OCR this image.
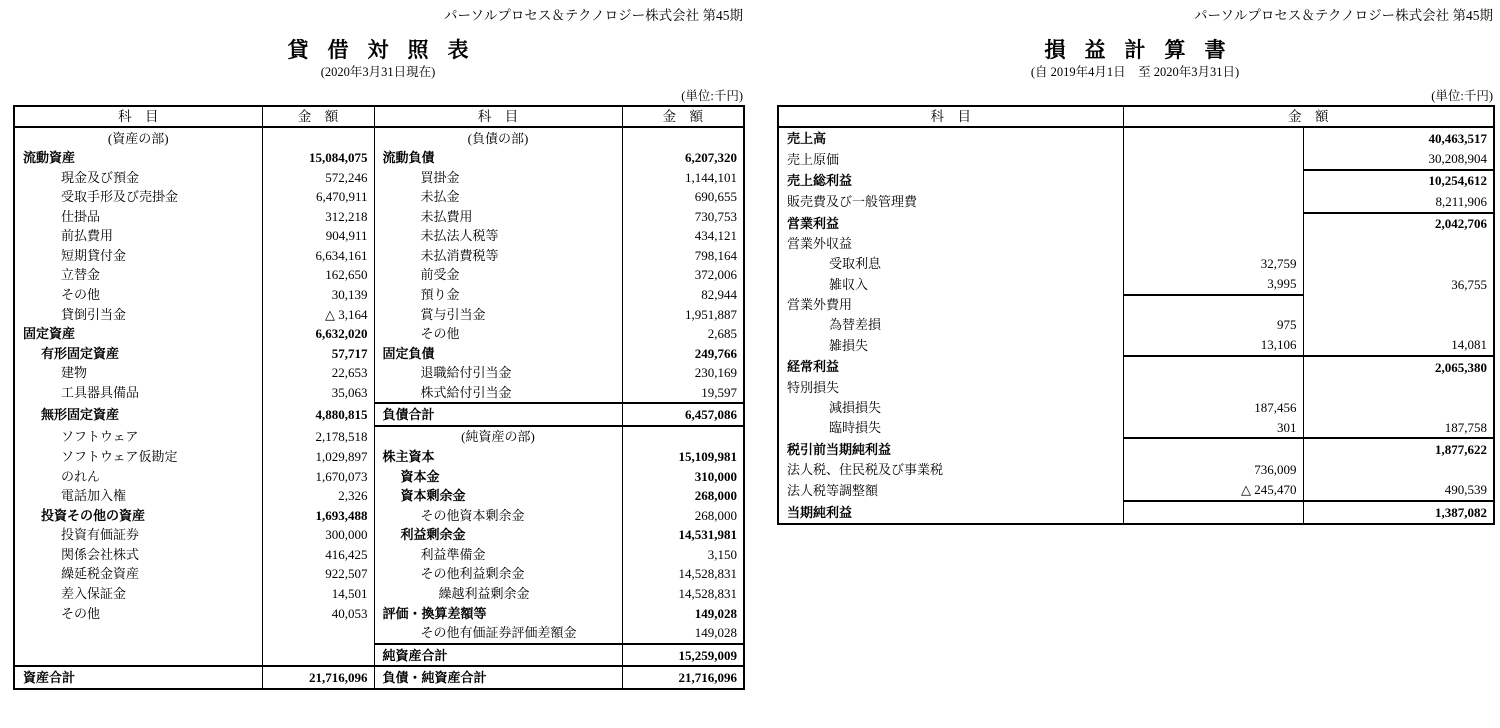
パーソルプロセス＆テクノロジー株式会社 第45期
貸借対照表
(2020年3月31日現在)
(単位:千円)
科　目	金　額	科　目	金　額
(資産の部)		(負債の部)	
流動資産	15,084,075	流動負債	6,207,320
現金及び預金	572,246	買掛金	1,144,101
受取手形及び売掛金	6,470,911	未払金	690,655
仕掛品	312,218	未払費用	730,753
前払費用	904,911	未払法人税等	434,121
短期貸付金	6,634,161	未払消費税等	798,164
立替金	162,650	前受金	372,006
その他	30,139	預り金	82,944
貸倒引当金	△ 3,164	賞与引当金	1,951,887
固定資産	6,632,020	その他	2,685
有形固定資産	57,717	固定負債	249,766
建物	22,653	退職給付引当金	230,169
工具器具備品	35,063	株式給付引当金	19,597
無形固定資産	4,880,815	負債合計	6,457,086
ソフトウェア	2,178,518	(純資産の部)	
ソフトウェア仮勘定	1,029,897	株主資本	15,109,981
のれん	1,670,073	資本金	310,000
電話加入権	2,326	資本剰余金	268,000
投資その他の資産	1,693,488	その他資本剰余金	268,000
投資有価証券	300,000	利益剰余金	14,531,981
関係会社株式	416,425	利益準備金	3,150
繰延税金資産	922,507	その他利益剰余金	14,528,831
差入保証金	14,501	繰越利益剰余金	14,528,831
その他	40,053	評価・換算差額等	149,028
		その他有価証券評価差額金	149,028
		純資産合計	15,259,009
資産合計	21,716,096	負債・純資産合計	21,716,096
パーソルプロセス＆テクノロジー株式会社 第45期
損益計算書
(自 2019年4月1日　至 2020年3月31日)
(単位:千円)
科　目	金　額	
売上高		40,463,517
売上原価		30,208,904
売上総利益		10,254,612
販売費及び一般管理費		8,211,906
営業利益		2,042,706
営業外収益		
受取利息	32,759	
雑収入	3,995	36,755
営業外費用		
為替差損	975	
雑損失	13,106	14,081
経常利益		2,065,380
特別損失		
減損損失	187,456	
臨時損失	301	187,758
税引前当期純利益		1,877,622
法人税、住民税及び事業税	736,009	
法人税等調整額	△ 245,470	490,539
当期純利益		1,387,082
